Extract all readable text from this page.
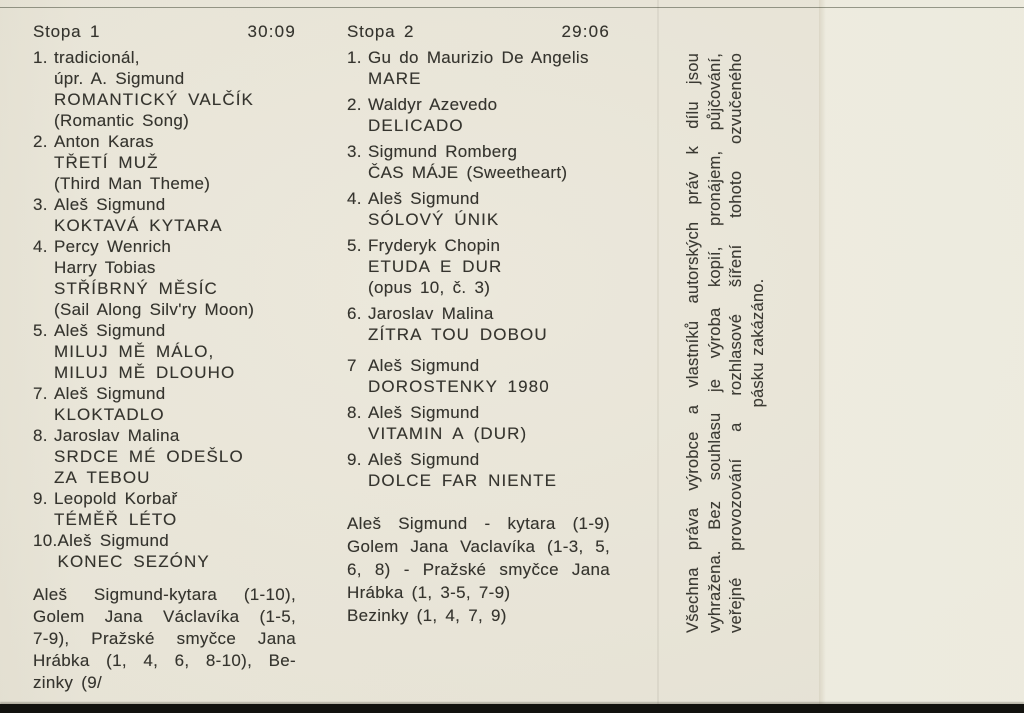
Stopa 1	30:09
1. tradicionál,
úpr. A. Sigmund
ROMANTICKÝ VALČÍK
(Romantic Song)
2. Anton Karas
TŘETÍ MUŽ
(Third Man Theme)
3. Aleš Sigmund
KOKTAVÁ KYTARA
4. Percy Wenrich
Harry Tobias
STŘÍBRNÝ MĚSÍC
(Sail Along Silv'ry Moon)
5. Aleš Sigmund
MILUJ MĚ MÁLO,
MILUJ MĚ DLOUHO
7. Aleš Sigmund
KLOKTADLO
8. Jaroslav Malina
SRDCE MÉ ODEŠLO
ZA TEBOU
9. Leopold Korbař
TÉMĚŘ LÉTO
10. Aleš Sigmund
KONEC SEZÓNY
Aleš Sigmund-kytara (1-10),
Golem Jana Václavíka (1-5,
7-9), Pražské smyčce Jana
Hrábka (1, 4, 6, 8-10), Be-
zinky (9/
Stopa 2	29:06
1. Gu do Maurizio De Angelis
MARE
2. Waldyr Azevedo
DELICADO
3. Sigmund Romberg
ČAS MÁJE (Sweetheart)
4. Aleš Sigmund
SÓLOVÝ ÚNIK
5. Fryderyk Chopin
ETUDA E DUR
(opus 10, č. 3)
6. Jaroslav Malina
ZÍTRA TOU DOBOU
7 Aleš Sigmund
DOROSTENKY 1980
8. Aleš Sigmund
VITAMIN A (DUR)
9. Aleš Sigmund
DOLCE FAR NIENTE
Aleš Sigmund - kytara (1-9)
Golem Jana Vaclavíka (1-3, 5,
6, 8) - Pražské smyčce Jana
Hrábka (1, 3-5, 7-9)
Bezinky (1, 4, 7, 9)	Všechna práva výrobce a vlastníků autorských práv k dílu jsou vyhražena. Bez souhlasu je výroba kopií, pronájem, půjčování, veřejné provozování a rozhlasové šíření tohoto ozvučeného pásku zakázáno.
